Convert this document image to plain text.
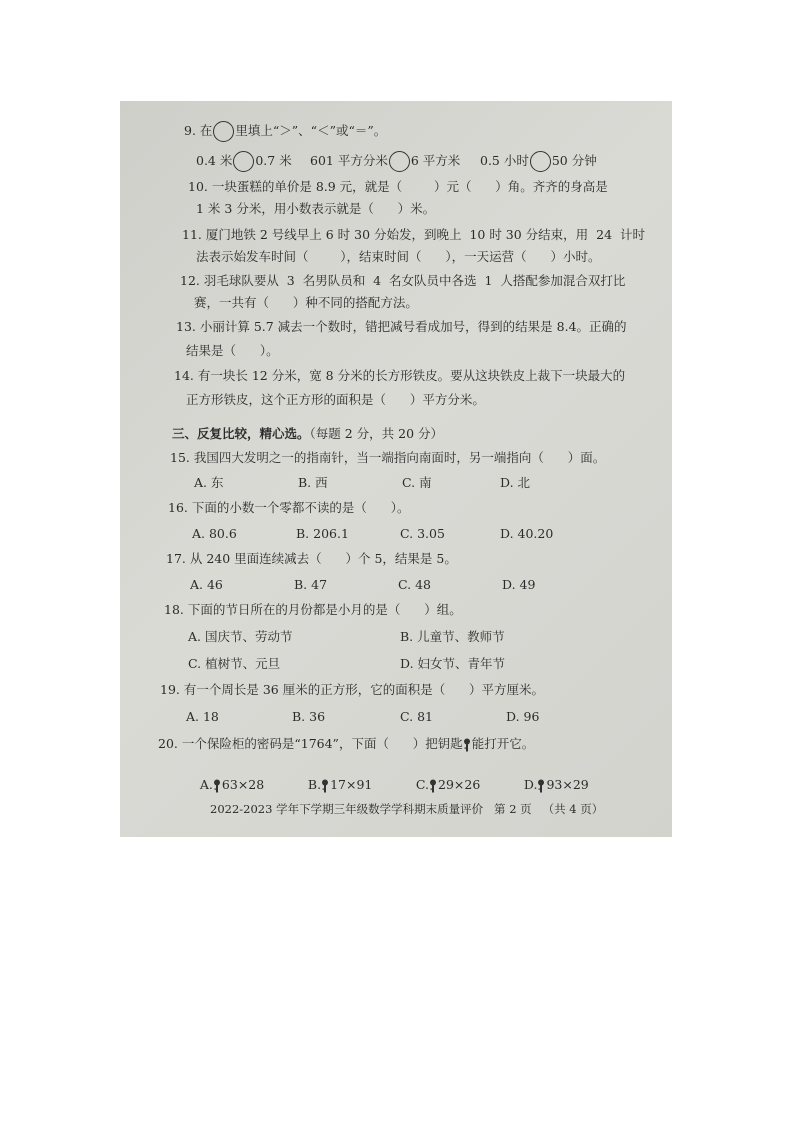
9. 在 里填上“＞”、“＜”或“＝”。
0.4 米 0.7 米 601 平方分米 6 平方米 0.5 小时 50 分钟
10. 一块蛋糕的单价是 8.9 元，就是（        ）元（      ）角。齐齐的身高是
1 米 3 分米，用小数表示就是（      ）米。
11. 厦门地铁 2 号线早上 6 时 30 分始发，到晚上  10 时 30 分结束，用  24  计时
法表示始发车时间（        ），结束时间（      ），一天运营（      ）小时。
12. 羽毛球队要从  3  名男队员和  4  名女队员中各选  1  人搭配参加混合双打比
赛，一共有（      ）种不同的搭配方法。
13. 小丽计算 5.7 减去一个数时，错把减号看成加号，得到的结果是 8.4。正确的
结果是（      ）。
14. 有一块长 12 分米，宽 8 分米的长方形铁皮。要从这块铁皮上裁下一块最大的
正方形铁皮，这个正方形的面积是（      ）平方分米。
三、反复比较，精心选。（每题 2 分，共 20 分）
15. 我国四大发明之一的指南针，当一端指向南面时，另一端指向（      ）面。
A. 东	B. 西	C. 南	D. 北
16. 下面的小数一个零都不读的是（      ）。
A. 80.6	B. 206.1	C. 3.05	D. 40.20
17. 从 240 里面连续减去（      ）个 5，结果是 5。
A. 46	B. 47	C. 48	D. 49
18. 下面的节日所在的月份都是小月的是（      ）组。
A. 国庆节、劳动节	B. 儿童节、教师节
C. 植树节、元旦	D. 妇女节、青年节
19. 有一个周长是 36 厘米的正方形，它的面积是（      ）平方厘米。
A. 18	B. 36	C. 81	D. 96
20. 一个保险柜的密码是“1764”，下面（      ）把钥匙 能打开它。

A. 63×28
	B. 17×91
	C. 29×26
	D. 93×29

2022-2023 学年下学期三年级数学学科期末质量评价   第 2 页   （共 4 页）
